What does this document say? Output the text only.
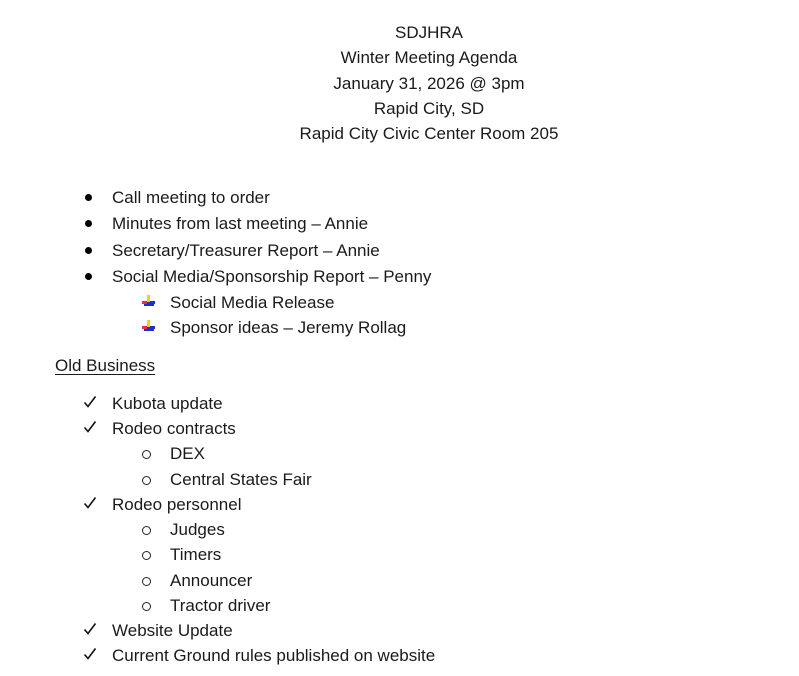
SDJHRA
Winter Meeting Agenda
January 31, 2026 @ 3pm
Rapid City, SD
Rapid City Civic Center Room 205
Call meeting to order
Minutes from last meeting – Annie
Secretary/Treasurer Report – Annie
Social Media/Sponsorship Report – Penny
Social Media Release
Sponsor ideas – Jeremy Rollag
Old Business
Kubota update
Rodeo contracts
DEX
Central States Fair
Rodeo personnel
Judges
Timers
Announcer
Tractor driver
Website Update
Current Ground rules published on website
